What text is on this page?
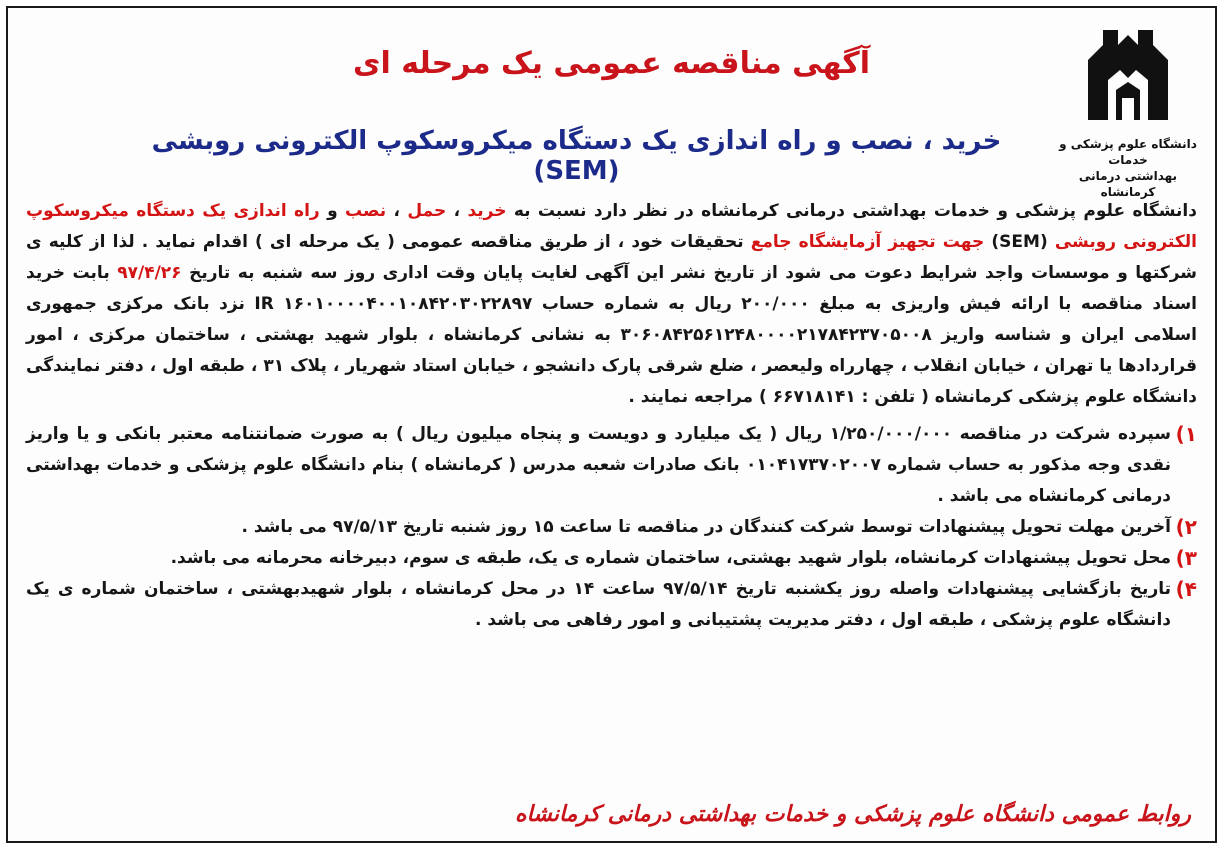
دانشگاه علوم پزشکی و خدمات
بهداشتی درمانی کرمانشاه
آگهی مناقصه عمومی یک مرحله ای
خرید ، نصب و راه اندازی یک دستگاه میکروسکوپ الکترونی روبشی (SEM)

دانشگاه علوم پزشکی و خدمات بهداشتی درمانی کرمانشاه در نظر دارد نسبت به خرید ، حمل ، نصب و راه اندازی یک دستگاه میکروسکوپ الکترونی روبشی (SEM) جهت تجهیز آزمایشگاه جامع تحقیقات خود ، از طریق مناقصه عمومی ( یک مرحله ای ) اقدام نماید . لذا از کلیه ی شرکتها و موسسات واجد شرایط دعوت می شود از تاریخ نشر این آگهی لغایت پایان وقت اداری روز سه شنبه به تاریخ ۹۷/۴/۲۶ بابت خرید اسناد مناقصه با ارائه فیش واریزی به مبلغ ۲۰۰/۰۰۰ ریال به شماره حساب IR ۱۶۰۱۰۰۰۰۴۰۰۱۰۸۴۲۰۳۰۲۲۸۹۷ نزد بانک مرکزی جمهوری اسلامی ایران و شناسه واریز ۳۰۶۰۸۴۲۵۶۱۲۴۸۰۰۰۰۲۱۷۸۴۲۳۷۰۵۰۰۸ به نشانی کرمانشاه ، بلوار شهید بهشتی ، ساختمان مرکزی ، امور قراردادها یا تهران ، خیابان انقلاب ، چهارراه ولیعصر ، ضلع شرقی پارک دانشجو ، خیابان استاد شهریار ، پلاک ۳۱ ، طبقه اول ، دفتر نمایندگی دانشگاه علوم پزشکی کرمانشاه ( تلفن : ۶۶۷۱۸۱۴۱ ) مراجعه نمایند .

۱)
سپرده شرکت در مناقصه ۱/۲۵۰/۰۰۰/۰۰۰ ریال ( یک میلیارد و دویست و پنجاه میلیون ریال ) به صورت ضمانتنامه معتبر بانکی و یا واریز نقدی وجه مذکور به حساب شماره ۰۱۰۴۱۷۳۷۰۲۰۰۷ بانک صادرات شعبه مدرس ( کرمانشاه ) بنام دانشگاه علوم پزشکی و خدمات بهداشتی درمانی کرمانشاه می باشد .
۲)
آخرین مهلت تحویل پیشنهادات توسط شرکت کنندگان در مناقصه تا ساعت ۱۵ روز شنبه تاریخ ۹۷/۵/۱۳ می باشد .
۳)
محل تحویل پیشنهادات کرمانشاه، بلوار شهید بهشتی، ساختمان شماره ی یک، طبقه ی سوم، دبیرخانه محرمانه می باشد.
۴)
تاریخ بازگشایی پیشنهادات واصله روز یکشنبه تاریخ ۹۷/۵/۱۴ ساعت ۱۴ در محل کرمانشاه ، بلوار شهیدبهشتی ، ساختمان شماره ی یک دانشگاه علوم پزشکی ، طبقه اول ، دفتر مدیریت پشتیبانی و امور رفاهی می باشد .
روابط عمومی دانشگاه علوم پزشکی و خدمات بهداشتی درمانی کرمانشاه
